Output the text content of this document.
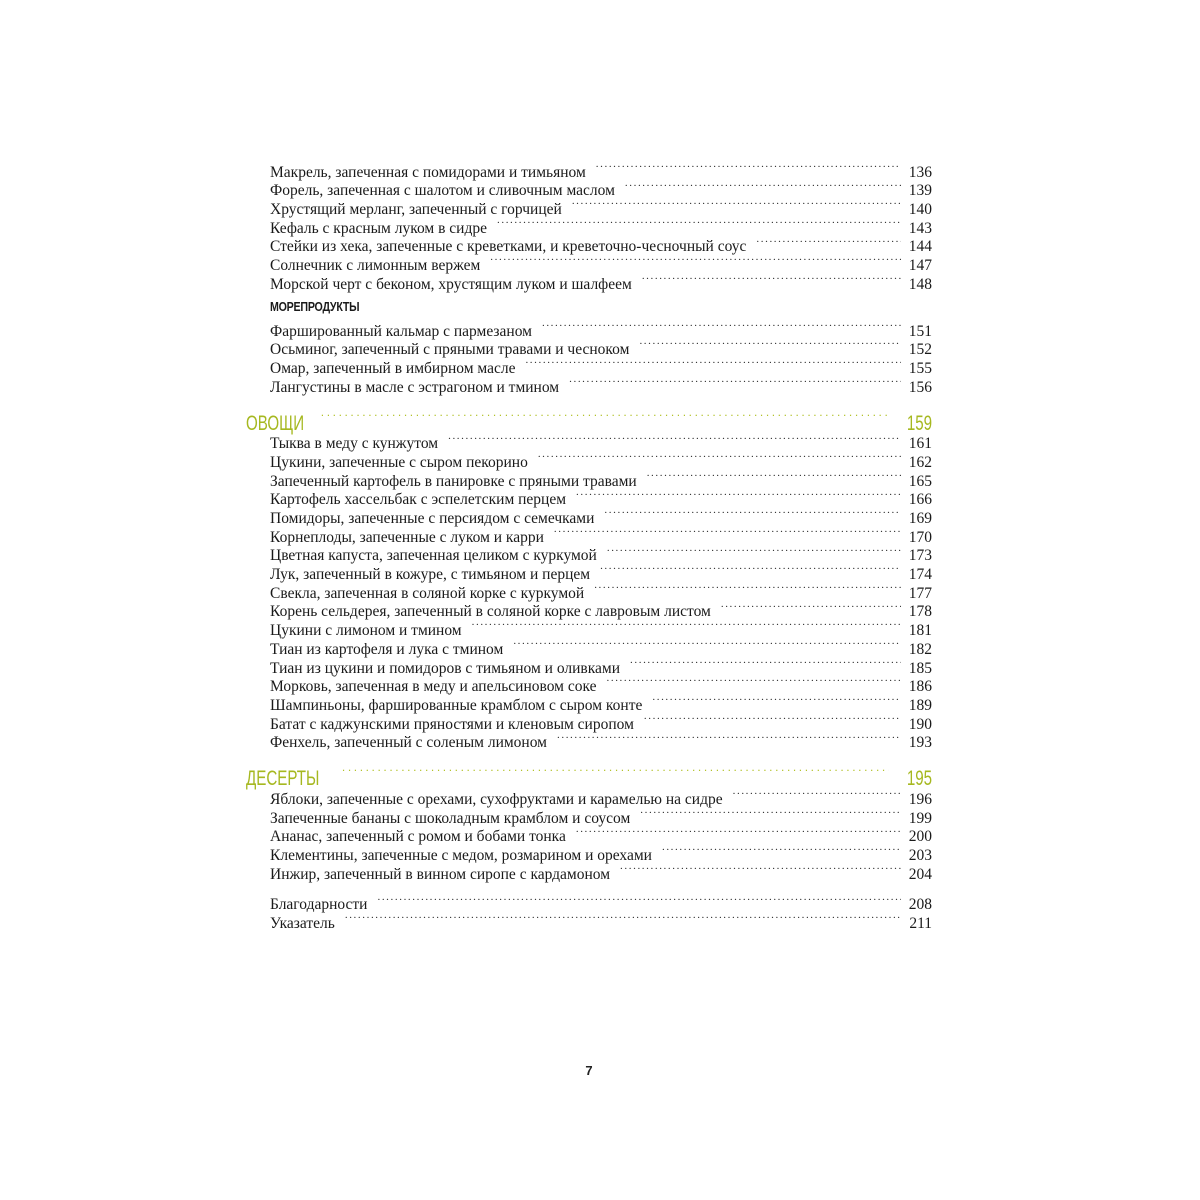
Макрель, запеченная с помидорами и тимьяном .....	136
Форель, запеченная с шалотом и сливочным маслом .....	139
Хрустящий мерланг, запеченный с горчицей .....	140
Кефаль с красным луком в сидре .....	143
Стейки из хека, запеченные с креветками, и креветочно-чесночный соус .....	144
Солнечник с лимонным вержем .....	147
Морской черт с беконом, хрустящим луком и шалфеем .....	148
МОРЕПРОДУКТЫ
Фаршированный кальмар с пармезаном .....	151
Осьминог, запеченный с пряными травами и чесноком .....	152
Омар, запеченный в имбирном масле .....	155
Лангустины в масле с эстрагоном и тмином .....	156
ОВОЩИ .....	159
Тыква в меду с кунжутом .....	161
Цукини, запеченные с сыром пекорино .....	162
Запеченный картофель в панировке с пряными травами .....	165
Картофель хассельбак с эспелетским перцем .....	166
Помидоры, запеченные с персиядом с семечками .....	169
Корнеплоды, запеченные с луком и карри .....	170
Цветная капуста, запеченная целиком с куркумой .....	173
Лук, запеченный в кожуре, с тимьяном и перцем .....	174
Свекла, запеченная в соляной корке с куркумой .....	177
Корень сельдерея, запеченный в соляной корке с лавровым листом .....	178
Цукини с лимоном и тмином .....	181
Тиан из картофеля и лука с тмином .....	182
Тиан из цукини и помидоров с тимьяном и оливками .....	185
Морковь, запеченная в меду и апельсиновом соке .....	186
Шампиньоны, фаршированные крамблом с сыром конте .....	189
Батат с каджунскими пряностями и кленовым сиропом .....	190
Фенхель, запеченный с соленым лимоном .....	193
ДЕСЕРТЫ .....	195
Яблоки, запеченные с орехами, сухофруктами и карамелью на сидре .....	196
Запеченные бананы с шоколадным крамблом и соусом .....	199
Ананас, запеченный с ромом и бобами тонка .....	200
Клементины, запеченные с медом, розмарином и орехами .....	203
Инжир, запеченный в винном сиропе с кардамоном .....	204
Благодарности .....	208
Указатель .....	211
7
